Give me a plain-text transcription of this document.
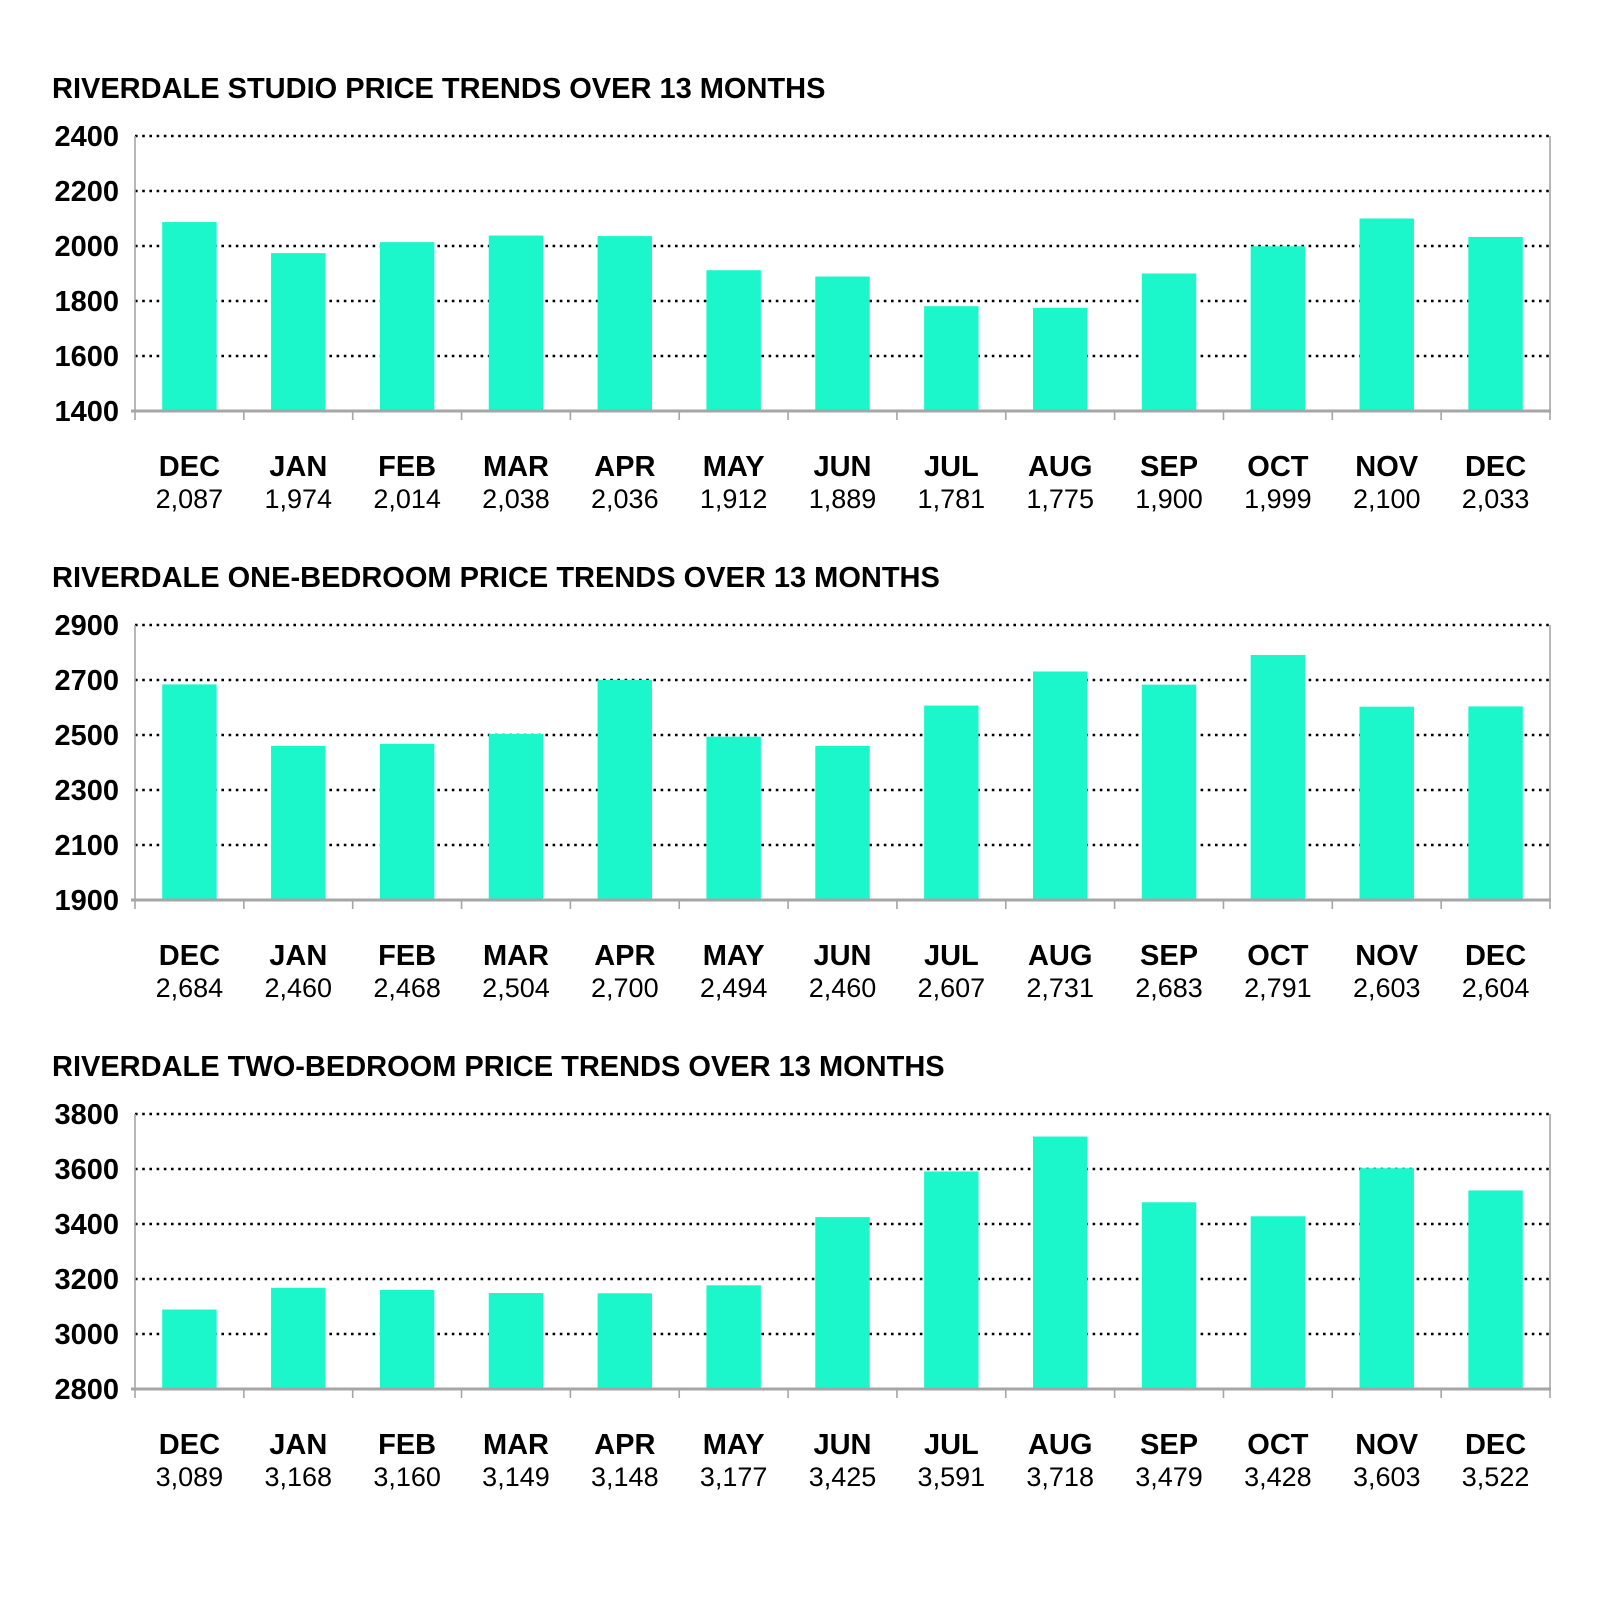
RIVERDALE STUDIO PRICE TRENDS OVER 13 MONTHS
2400
2200
2000
1800
1600
1400
DEC
2,087
JAN
1,974
FEB
2,014
MAR
2,038
APR
2,036
MAY
1,912
JUN
1,889
JUL
1,781
AUG
1,775
SEP
1,900
OCT
1,999
NOV
2,100
DEC
2,033
RIVERDALE ONE-BEDROOM PRICE TRENDS OVER 13 MONTHS
2900
2700
2500
2300
2100
1900
DEC
2,684
JAN
2,460
FEB
2,468
MAR
2,504
APR
2,700
MAY
2,494
JUN
2,460
JUL
2,607
AUG
2,731
SEP
2,683
OCT
2,791
NOV
2,603
DEC
2,604
RIVERDALE TWO-BEDROOM PRICE TRENDS OVER 13 MONTHS
3800
3600
3400
3200
3000
2800
DEC
3,089
JAN
3,168
FEB
3,160
MAR
3,149
APR
3,148
MAY
3,177
JUN
3,425
JUL
3,591
AUG
3,718
SEP
3,479
OCT
3,428
NOV
3,603
DEC
3,522
